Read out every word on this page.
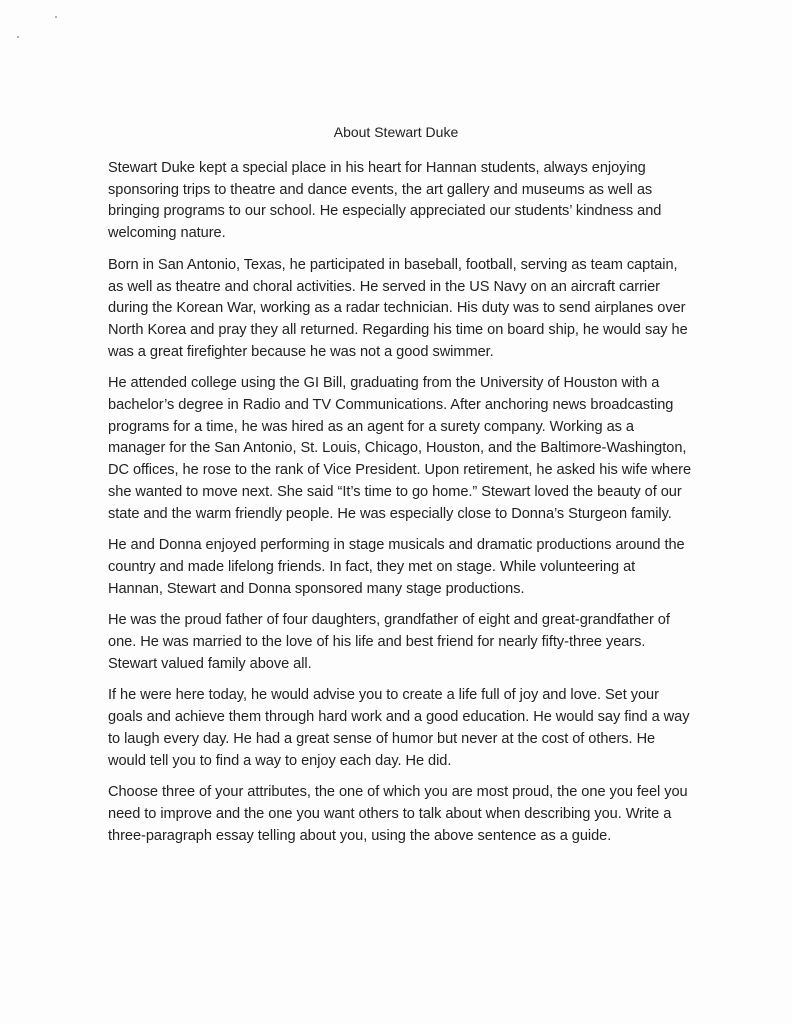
About Stewart Duke

Stewart Duke kept a special place in his heart for Hannan students, always enjoying sponsoring trips to theatre and dance events, the art gallery and museums as well as bringing programs to our school. He especially appreciated our students’ kindness and welcoming nature.

Born in San Antonio, Texas, he participated in baseball, football, serving as team captain, as well as theatre and choral activities. He served in the US Navy on an aircraft carrier during the Korean War, working as a radar technician. His duty was to send airplanes over North Korea and pray they all returned. Regarding his time on board ship, he would say he was a great firefighter because he was not a good swimmer.

He attended college using the GI Bill, graduating from the University of Houston with a bachelor’s degree in Radio and TV Communications. After anchoring news broadcasting programs for a time, he was hired as an agent for a surety company. Working as a manager for the San Antonio, St. Louis, Chicago, Houston, and the Baltimore-Washington, DC offices, he rose to the rank of Vice President. Upon retirement, he asked his wife where she wanted to move next. She said “It’s time to go home.” Stewart loved the beauty of our state and the warm friendly people. He was especially close to Donna’s Sturgeon family.

He and Donna enjoyed performing in stage musicals and dramatic productions around the country and made lifelong friends. In fact, they met on stage. While volunteering at Hannan, Stewart and Donna sponsored many stage productions.

He was the proud father of four daughters, grandfather of eight and great-grandfather of one. He was married to the love of his life and best friend for nearly fifty-three years. Stewart valued family above all.

If he were here today, he would advise you to create a life full of joy and love. Set your goals and achieve them through hard work and a good education. He would say find a way to laugh every day. He had a great sense of humor but never at the cost of others. He would tell you to find a way to enjoy each day. He did.

Choose three of your attributes, the one of which you are most proud, the one you feel you need to improve and the one you want others to talk about when describing you. Write a three-paragraph essay telling about you, using the above sentence as a guide.
